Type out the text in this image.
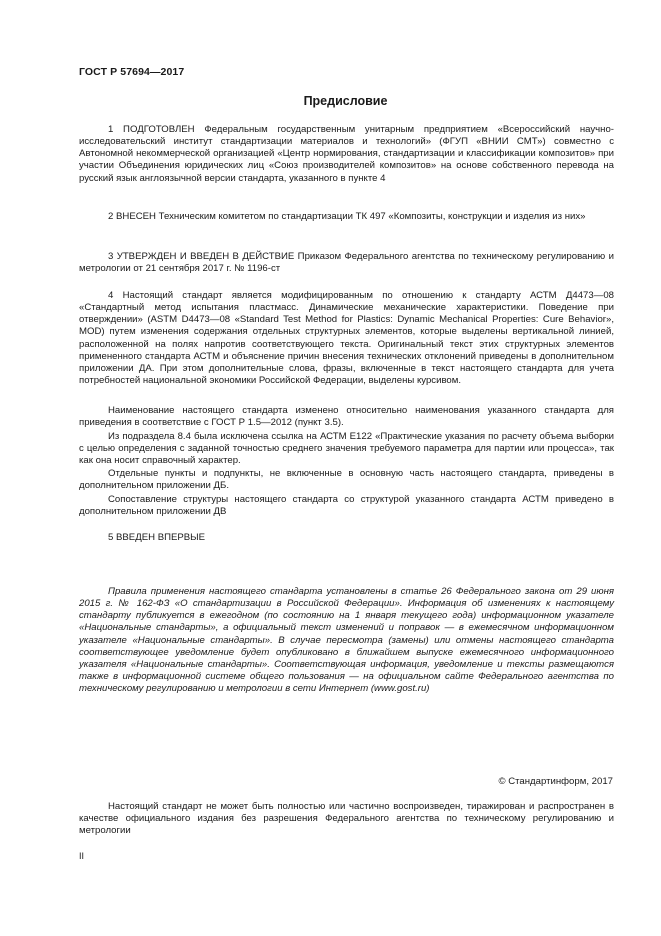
ГОСТ Р 57694—2017
Предисловие

1 ПОДГОТОВЛЕН Федеральным государственным унитарным предприятием «Всероссийский научно-исследовательский институт стандартизации материалов и технологий» (ФГУП «ВНИИ СМТ») совместно с Автономной некоммерческой организацией «Центр нормирования, стандартизации и классификации композитов» при участии Объединения юридических лиц «Союз производителей композитов» на основе собственного перевода на русский язык англоязычной версии стандарта, указанного в пункте 4

2 ВНЕСЕН Техническим комитетом по стандартизации ТК 497 «Композиты, конструкции и изделия из них»

3 УТВЕРЖДЕН И ВВЕДЕН В ДЕЙСТВИЕ Приказом Федерального агентства по техническому регулированию и метрологии от 21 сентября 2017 г. № 1196-ст

4 Настоящий стандарт является модифицированным по отношению к стандарту АСТМ Д4473—08 «Стандартный метод испытания пластмасс. Динамические механические характеристики. Поведение при отверждении» (ASTM D4473—08 «Standard Test Method for Plastics: Dynamic Mechanical Properties: Cure Behavior», MOD) путем изменения содержания отдельных структурных элементов, которые выделены вертикальной линией, расположенной на полях напротив соответствующего текста. Оригинальный текст этих структурных элементов примененного стандарта АСТМ и объяснение причин внесения технических отклонений приведены в дополнительном приложении ДА. При этом дополнительные слова, фразы, включенные в текст настоящего стандарта для учета потребностей национальной экономики Российской Федерации, выделены курсивом.

Наименование настоящего стандарта изменено относительно наименования указанного стандарта для приведения в соответствие с ГОСТ Р 1.5—2012 (пункт 3.5).

Из подраздела 8.4 была исключена ссылка на АСТМ Е122 «Практические указания по расчету объема выборки с целью определения с заданной точностью среднего значения требуемого параметра для партии или процесса», так как она носит справочный характер.

Отдельные пункты и подпункты, не включенные в основную часть настоящего стандарта, приведены в дополнительном приложении ДБ.

Сопоставление структуры настоящего стандарта со структурой указанного стандарта АСТМ приведено в дополнительном приложении ДВ

5 ВВЕДЕН ВПЕРВЫЕ

Правила применения настоящего стандарта установлены в статье 26 Федерального закона от 29 июня 2015 г. № 162-ФЗ «О стандартизации в Российской Федерации». Информация об изменениях к настоящему стандарту публикуется в ежегодном (по состоянию на 1 января текущего года) информационном указателе «Национальные стандарты», а официальный текст изменений и поправок — в ежемесячном информационном указателе «Национальные стандарты». В случае пересмотра (замены) или отмены настоящего стандарта соответствующее уведомление будет опубликовано в ближайшем выпуске ежемесячного информационного указателя «Национальные стандарты». Соответствующая информация, уведомление и тексты размещаются также в информационной системе общего пользования — на официальном сайте Федерального агентства по техническому регулированию и метрологии в сети Интернет (www.gost.ru)

© Стандартинформ, 2017

Настоящий стандарт не может быть полностью или частично воспроизведен, тиражирован и распространен в качестве официального издания без разрешения Федерального агентства по техническому регулированию и метрологии

II
